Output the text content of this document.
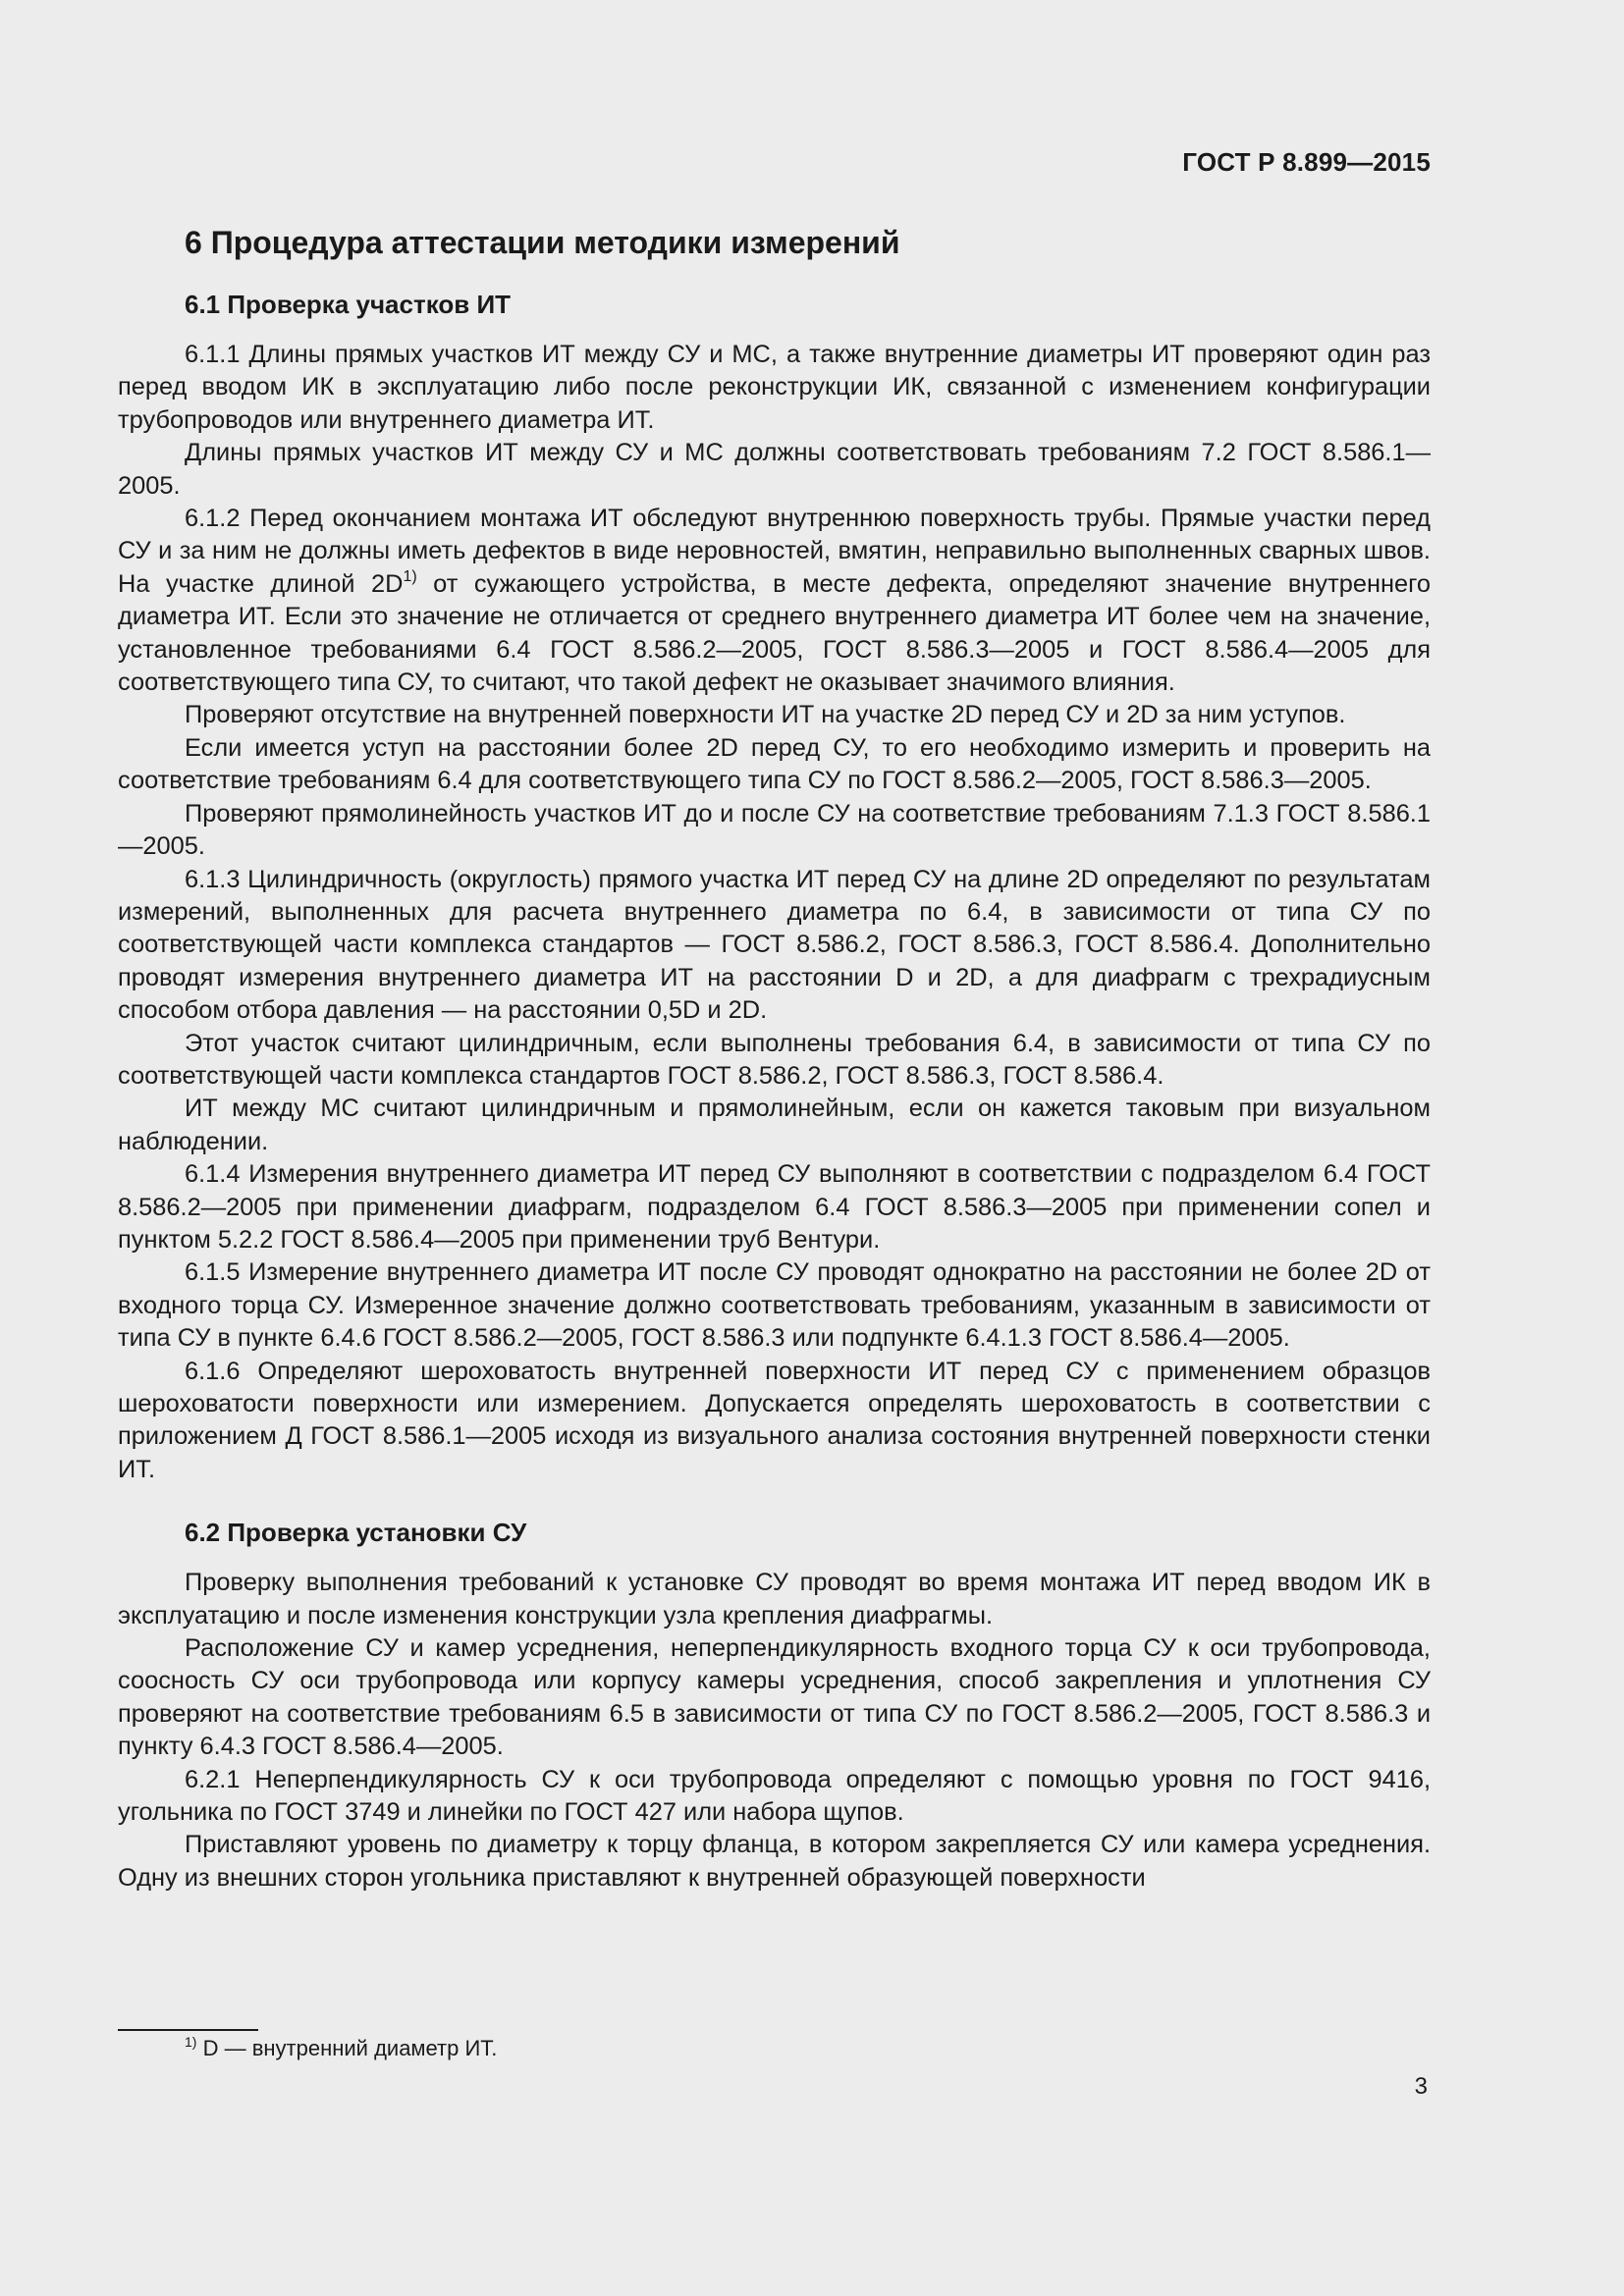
ГОСТ Р 8.899—2015
6 Процедура аттестации методики измерений
6.1 Проверка участков ИТ

6.1.1 Длины прямых участков ИТ между СУ и МС, а также внутренние диаметры ИТ проверяют один раз перед вводом ИК в эксплуатацию либо после реконструкции ИК, связанной с изменением конфигурации трубопроводов или внутреннего диаметра ИТ.

Длины прямых участков ИТ между СУ и МС должны соответствовать требованиям 7.2 ГОСТ 8.586.1—2005.

6.1.2 Перед окончанием монтажа ИТ обследуют внутреннюю поверхность трубы. Прямые участки перед СУ и за ним не должны иметь дефектов в виде неровностей, вмятин, неправильно выполненных сварных швов. На участке длиной $2D^{1)}$ от сужающего устройства, в месте дефекта, определяют значение внутреннего диаметра ИТ. Если это значение не отличается от среднего внутреннего диаметра ИТ более чем на значение, установленное требованиями 6.4 ГОСТ 8.586.2—2005, ГОСТ 8.586.3—2005 и ГОСТ 8.586.4—2005 для соответствующего типа СУ, то считают, что такой дефект не оказывает значимого влияния.

Проверяют отсутствие на внутренней поверхности ИТ на участке 2D перед СУ и 2D за ним уступов.

Если имеется уступ на расстоянии более 2D перед СУ, то его необходимо измерить и проверить на соответствие требованиям 6.4 для соответствующего типа СУ по ГОСТ 8.586.2—2005, ГОСТ 8.586.3—2005.

Проверяют прямолинейность участков ИТ до и после СУ на соответствие требованиям 7.1.3 ГОСТ 8.586.1—2005.

6.1.3 Цилиндричность (округлость) прямого участка ИТ перед СУ на длине 2D определяют по результатам измерений, выполненных для расчета внутреннего диаметра по 6.4, в зависимости от типа СУ по соответствующей части комплекса стандартов — ГОСТ 8.586.2, ГОСТ 8.586.3, ГОСТ 8.586.4. Дополнительно проводят измерения внутреннего диаметра ИТ на расстоянии D и 2D, а для диафрагм с трехрадиусным способом отбора давления — на расстоянии 0,5D и 2D.

Этот участок считают цилиндричным, если выполнены требования 6.4, в зависимости от типа СУ по соответствующей части комплекса стандартов ГОСТ 8.586.2, ГОСТ 8.586.3, ГОСТ 8.586.4.

ИТ между МС считают цилиндричным и прямолинейным, если он кажется таковым при визуальном наблюдении.

6.1.4 Измерения внутреннего диаметра ИТ перед СУ выполняют в соответствии с подразделом 6.4 ГОСТ 8.586.2—2005 при применении диафрагм, подразделом 6.4 ГОСТ 8.586.3—2005 при применении сопел и пунктом 5.2.2 ГОСТ 8.586.4—2005 при применении труб Вентури.

6.1.5 Измерение внутреннего диаметра ИТ после СУ проводят однократно на расстоянии не более 2D от входного торца СУ. Измеренное значение должно соответствовать требованиям, указанным в зависимости от типа СУ в пункте 6.4.6 ГОСТ 8.586.2—2005, ГОСТ 8.586.3 или подпункте 6.4.1.3 ГОСТ 8.586.4—2005.

6.1.6 Определяют шероховатость внутренней поверхности ИТ перед СУ с применением образцов шероховатости поверхности или измерением. Допускается определять шероховатость в соответствии с приложением Д ГОСТ 8.586.1—2005 исходя из визуального анализа состояния внутренней поверхности стенки ИТ.

6.2 Проверка установки СУ

Проверку выполнения требований к установке СУ проводят во время монтажа ИТ перед вводом ИК в эксплуатацию и после изменения конструкции узла крепления диафрагмы.

Расположение СУ и камер усреднения, неперпендикулярность входного торца СУ к оси трубопровода, соосность СУ оси трубопровода или корпусу камеры усреднения, способ закрепления и уплотнения СУ проверяют на соответствие требованиям 6.5 в зависимости от типа СУ по ГОСТ 8.586.2—2005, ГОСТ 8.586.3 и пункту 6.4.3 ГОСТ 8.586.4—2005.

6.2.1 Неперпендикулярность СУ к оси трубопровода определяют с помощью уровня по ГОСТ 9416, угольника по ГОСТ 3749 и линейки по ГОСТ 427 или набора щупов.

Приставляют уровень по диаметру к торцу фланца, в котором закрепляется СУ или камера усреднения. Одну из внешних сторон угольника приставляют к внутренней образующей поверхности

$^{1)}$ D — внутренний диаметр ИТ.
3
